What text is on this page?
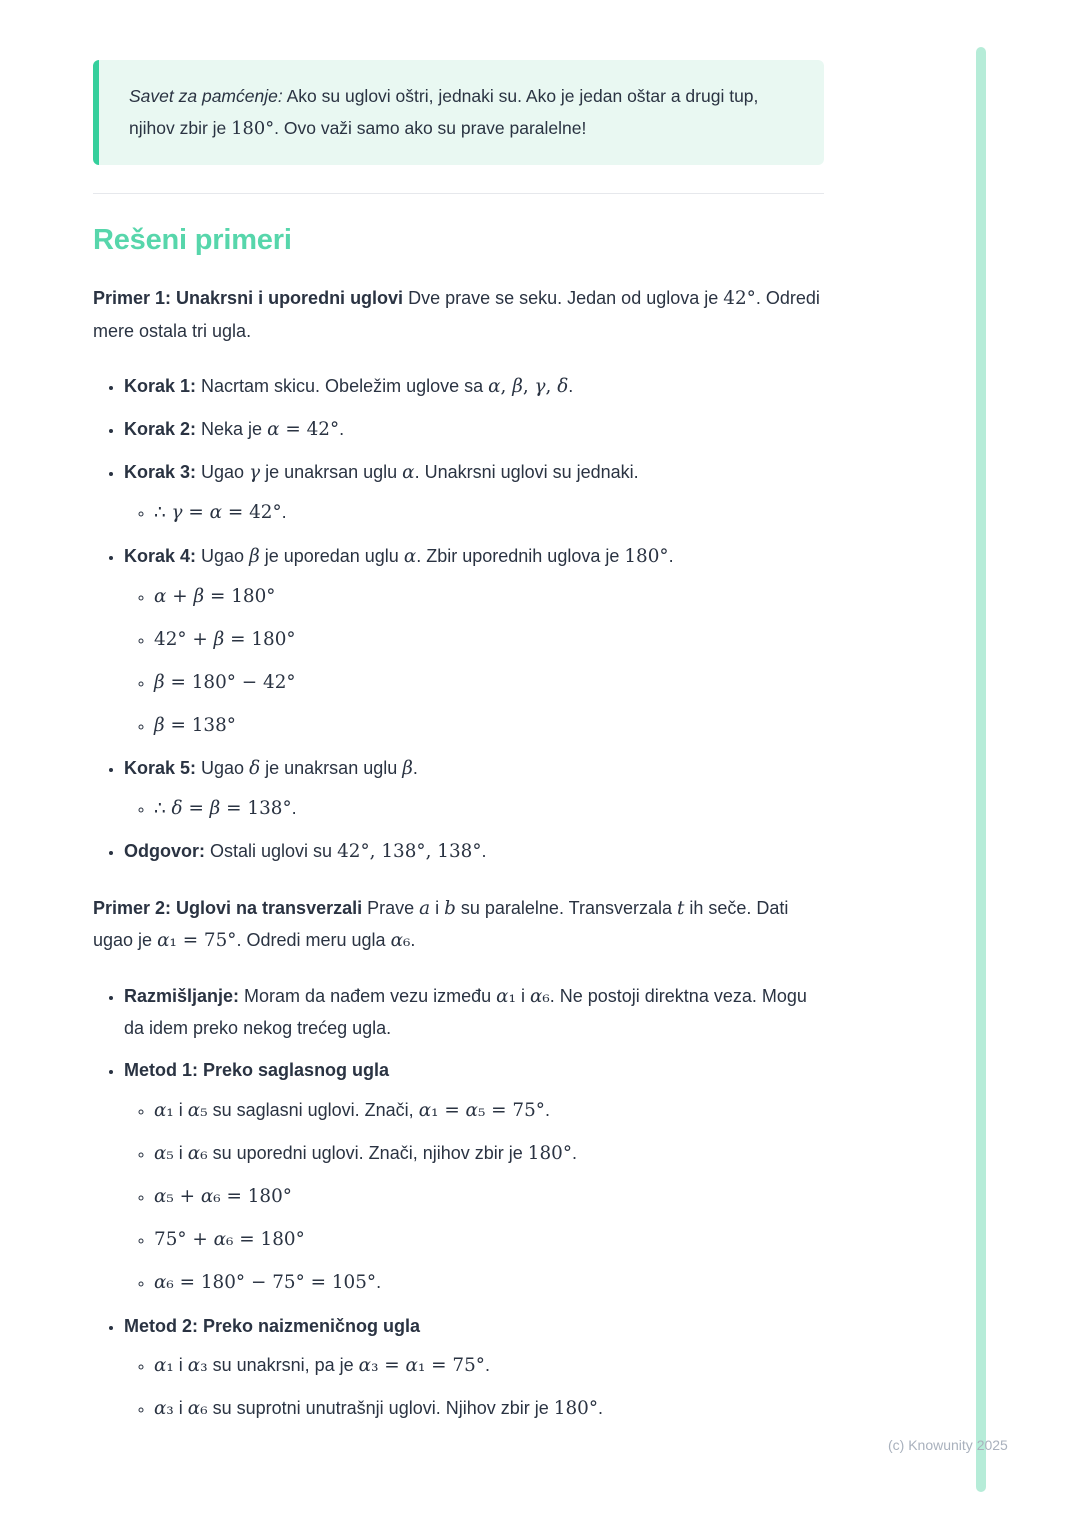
Savet za pamćenje: Ako su uglovi oštri, jednaki su. Ako je jedan oštar a drugi tup, njihov zbir je 180°. Ovo važi samo ako su prave paralelne!
Rešeni primeri

Primer 1: Unakrsni i uporedni uglovi Dve prave se seku. Jedan od uglova je 42°. Odredi mere ostala tri ugla.

• Korak 1: Nacrtam skicu. Obeležim uglove sa α, β, γ, δ.
• Korak 2: Neka je α = 42°.
• Korak 3: Ugao γ je unakrsan uglu α. Unakrsni uglovi su jednaki.
◦ ∴ γ = α = 42°.
• Korak 4: Ugao β je uporedan uglu α. Zbir uporednih uglova je 180°.
◦ α + β = 180°
◦ 42° + β = 180°
◦ β = 180° − 42°
◦ β = 138°
• Korak 5: Ugao δ je unakrsan uglu β.
◦ ∴ δ = β = 138°.
• Odgovor: Ostali uglovi su 42°, 138°, 138°.

Primer 2: Uglovi na transverzali Prave a i b su paralelne. Transverzala t ih seče. Dati ugao je α₁ = 75°. Odredi meru ugla α₆.

• Razmišljanje: Moram da nađem vezu između α₁ i α₆. Ne postoji direktna veza. Mogu da idem preko nekog trećeg ugla.
• Metod 1: Preko saglasnog ugla
◦ α₁ i α₅ su saglasni uglovi. Znači, α₁ = α₅ = 75°.
◦ α₅ i α₆ su uporedni uglovi. Znači, njihov zbir je 180°.
◦ α₅ + α₆ = 180°
◦ 75° + α₆ = 180°
◦ α₆ = 180° − 75° = 105°.
• Metod 2: Preko naizmeničnog ugla
◦ α₁ i α₃ su unakrsni, pa je α₃ = α₁ = 75°.
◦ α₃ i α₆ su suprotni unutrašnji uglovi. Njihov zbir je 180°.
(c) Knowunity 2025
